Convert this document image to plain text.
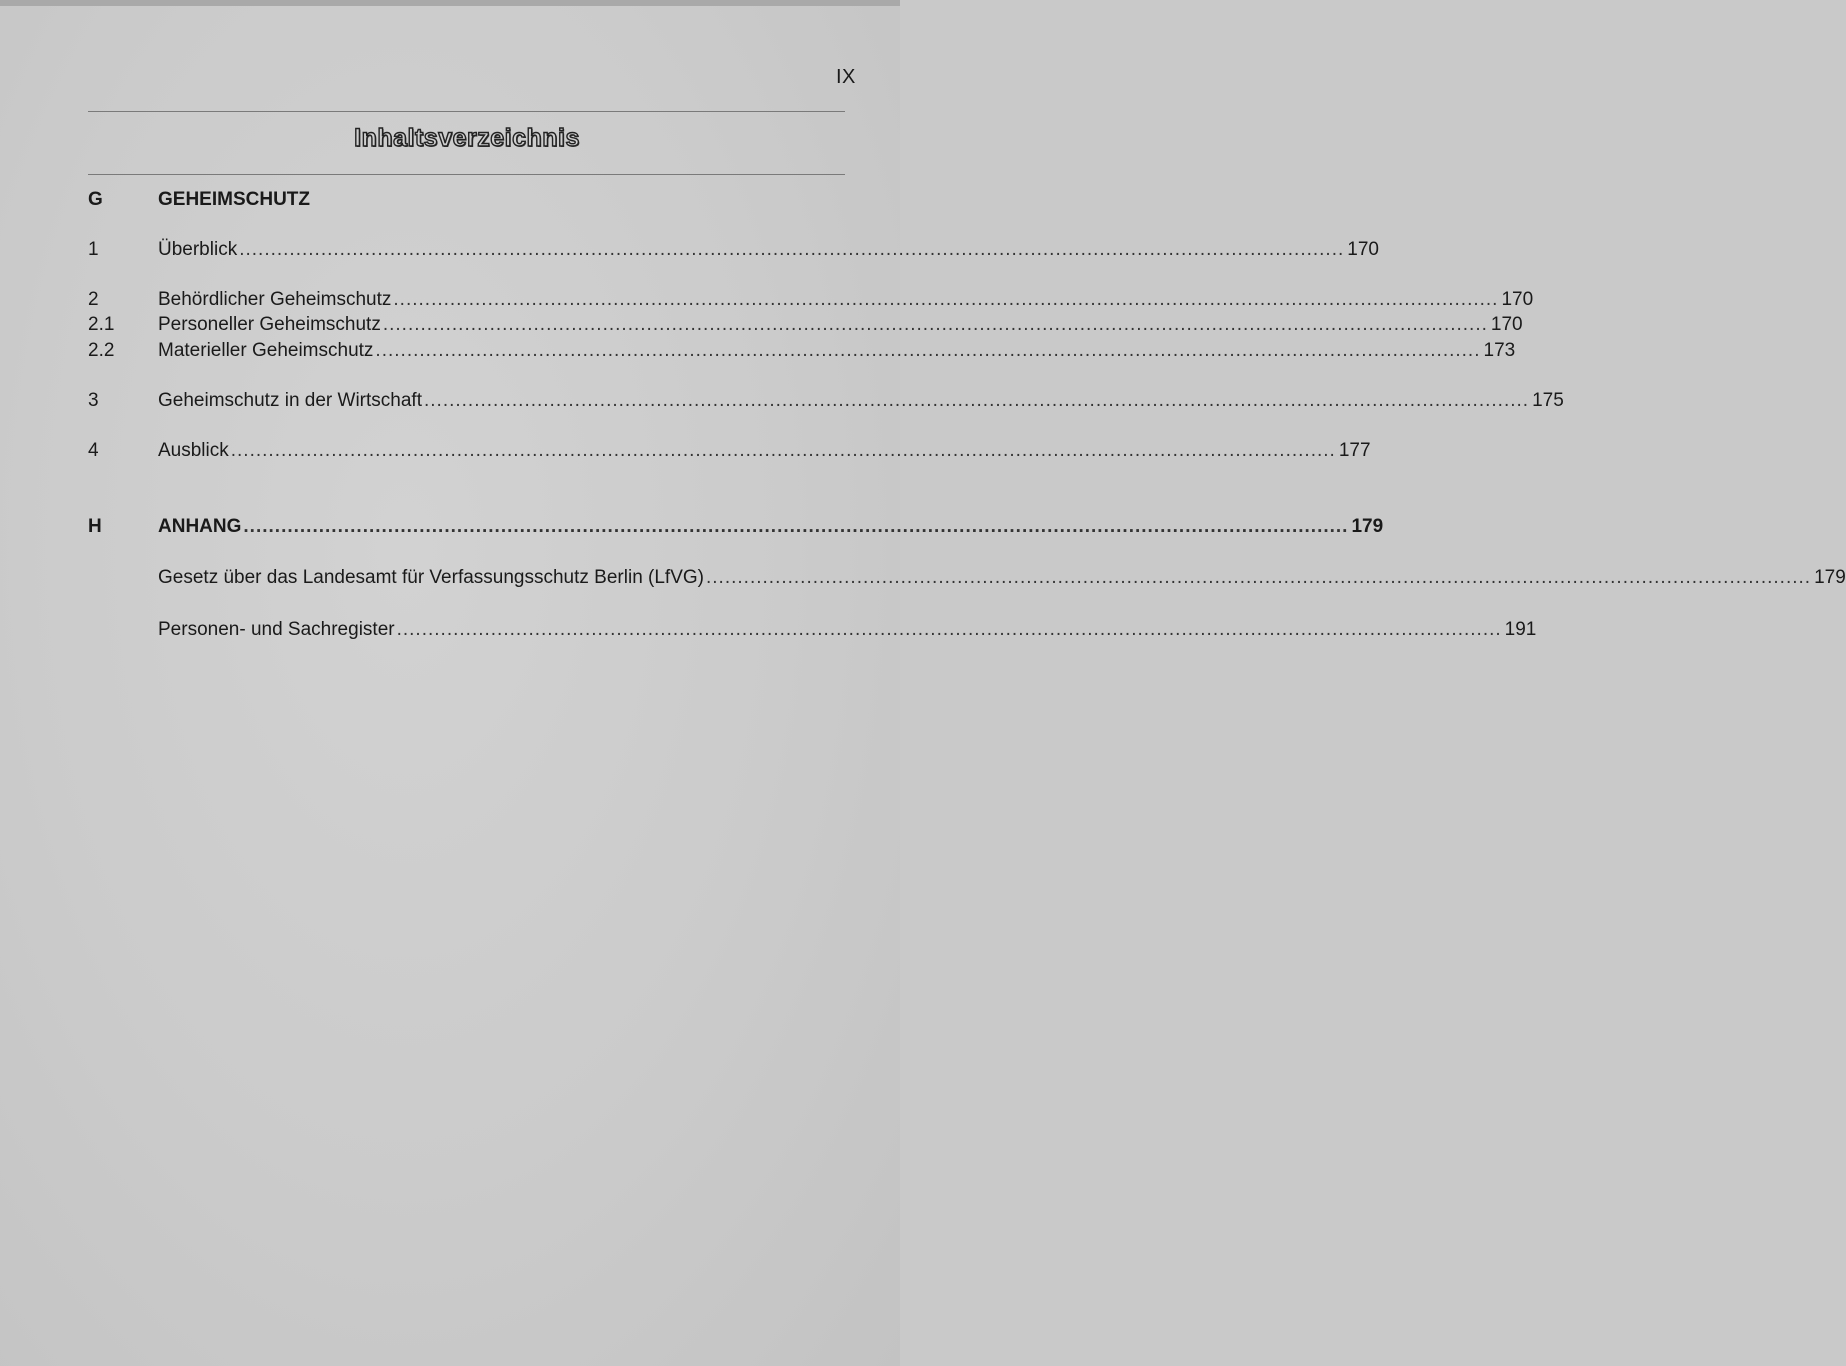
IX
Inhaltsverzeichnis
G	GEHEIMSCHUTZ
1	Überblick ................................................................................................................................................................................ 170
2	Behördlicher Geheimschutz ................................................................................................................................................................................ 170
2.1 Personeller Geheimschutz ................................................................................................................................................................................ 170
2.2 Materieller Geheimschutz ................................................................................................................................................................................ 173
3	Geheimschutz in der Wirtschaft ................................................................................................................................................................................ 175
4	Ausblick ................................................................................................................................................................................ 177
H	ANHANG ................................................................................................................................................................................ 179
Gesetz über das Landesamt für Verfassungsschutz Berlin (LfVG) ................................................................................................................................................................................ 179
Personen- und Sachregister ................................................................................................................................................................................ 191
